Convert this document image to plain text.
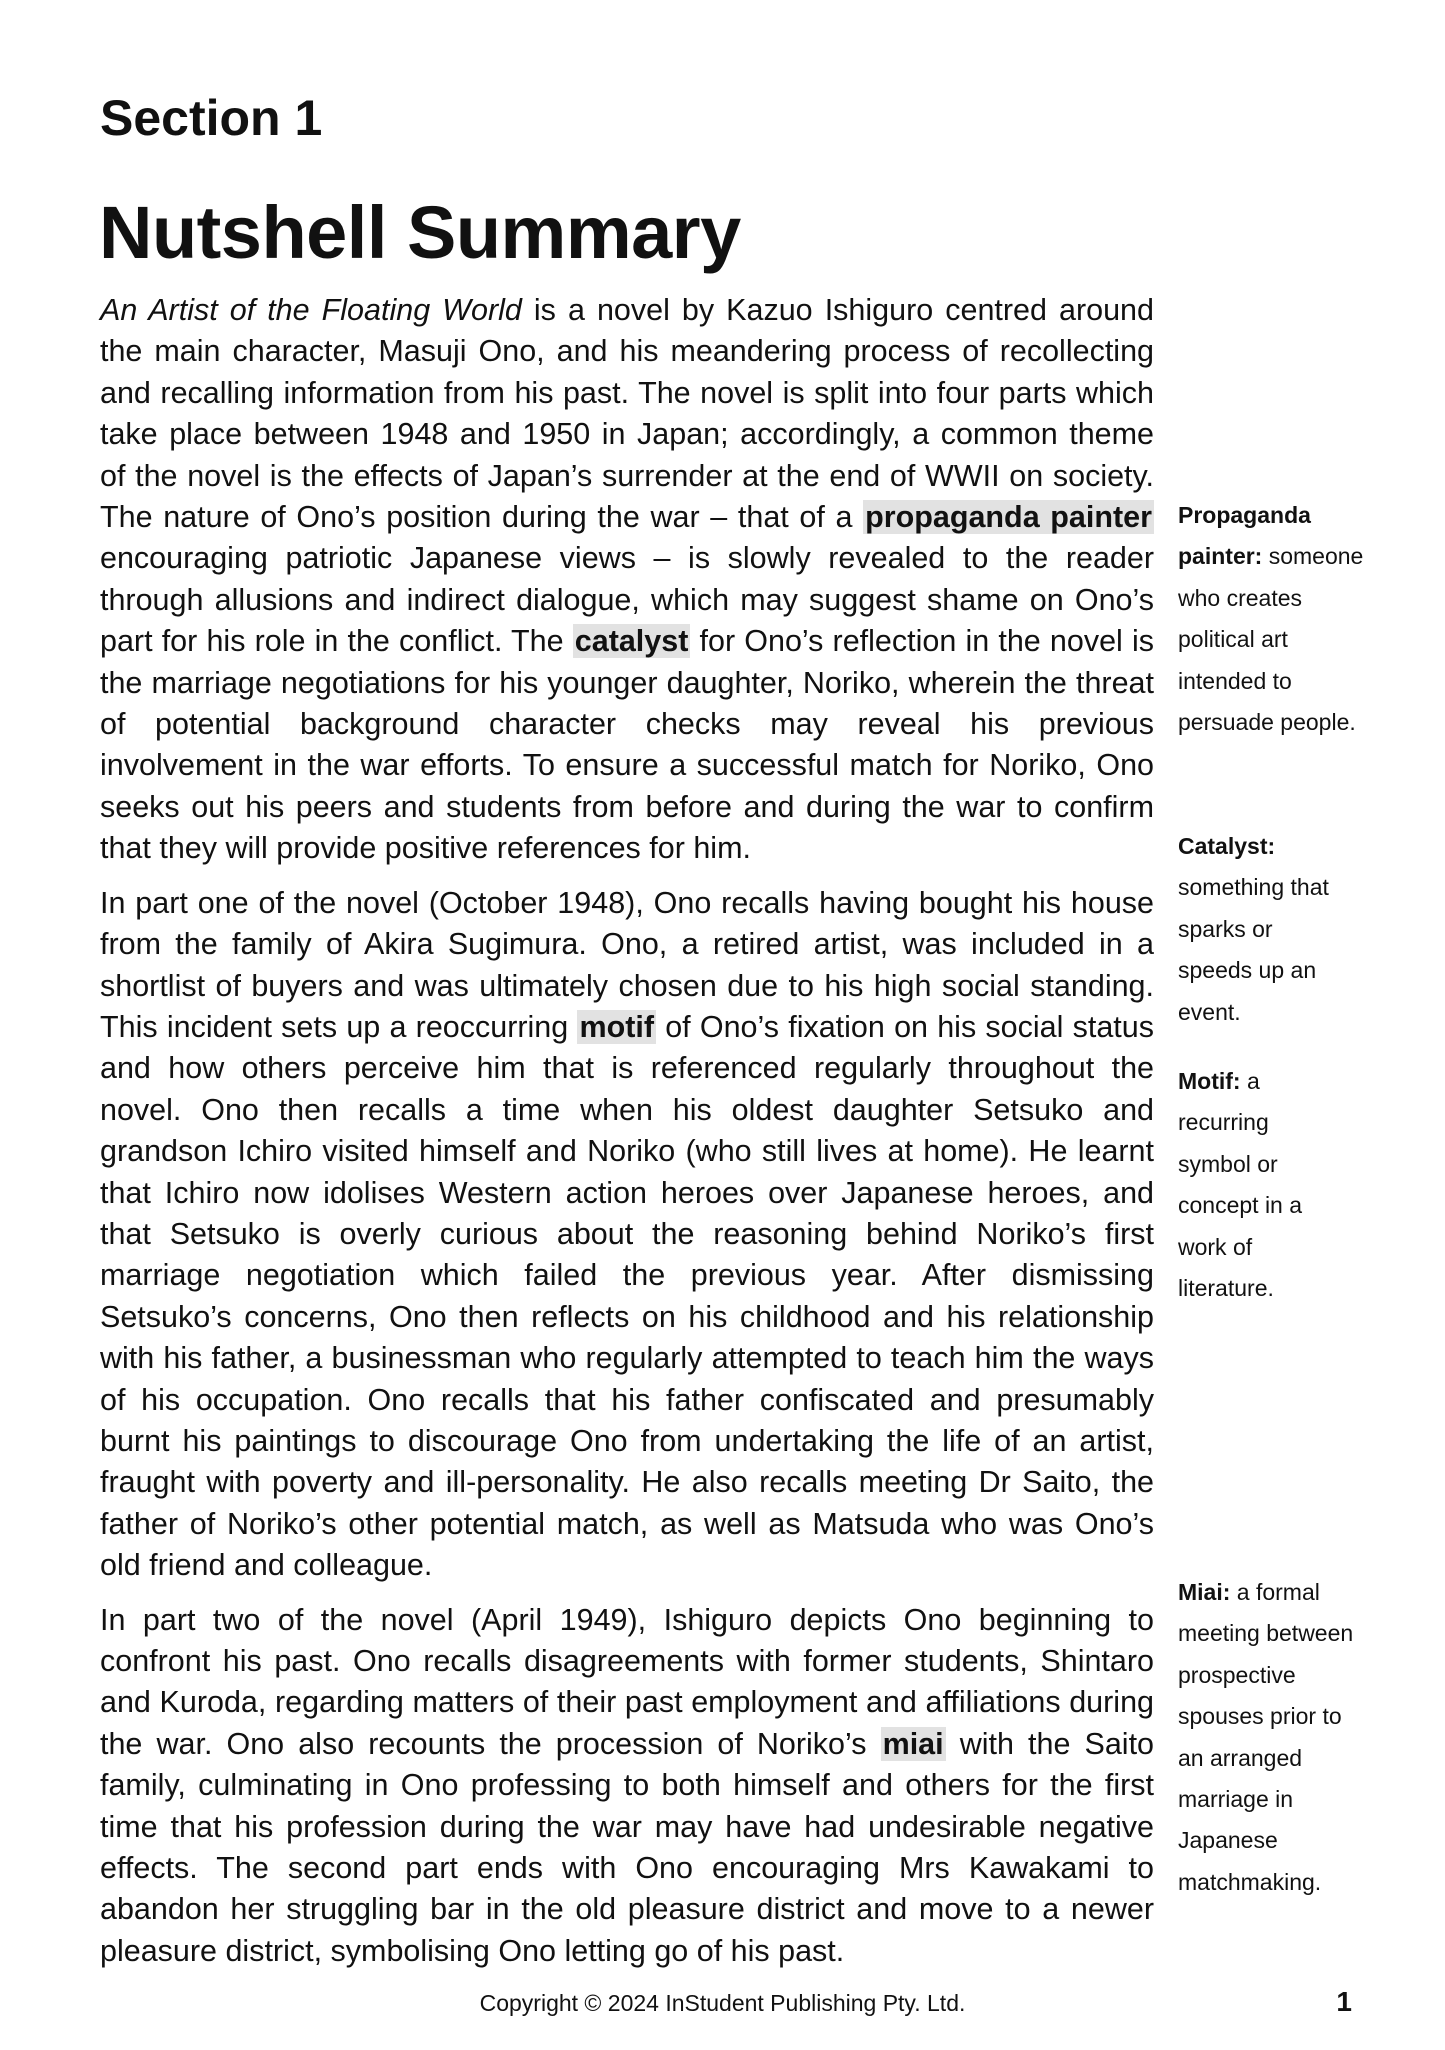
Section 1
Nutshell Summary

An Artist of the Floating World is a novel by Kazuo Ishiguro centred around the main character, Masuji Ono, and his meandering process of recollecting and recalling information from his past. The novel is split into four parts which take place between 1948 and 1950 in Japan; accordingly, a common theme of the novel is the effects of Japan’s surrender at the end of WWII on society. The nature of Ono’s position during the war – that of a propaganda painter encouraging patriotic Japanese views – is slowly revealed to the reader through allusions and indirect dialogue, which may suggest shame on Ono’s part for his role in the conflict. The catalyst for Ono’s reflection in the novel is the marriage negotiations for his younger daughter, Noriko, wherein the threat of potential background character checks may reveal his previous involvement in the war efforts. To ensure a successful match for Noriko, Ono seeks out his peers and students from before and during the war to confirm that they will provide positive references for him.

In part one of the novel (October 1948), Ono recalls having bought his house from the family of Akira Sugimura. Ono, a retired artist, was included in a shortlist of buyers and was ultimately chosen due to his high social standing. This incident sets up a reoccurring motif of Ono’s fixation on his social status and how others perceive him that is referenced regularly throughout the novel. Ono then recalls a time when his oldest daughter Setsuko and grandson Ichiro visited himself and Noriko (who still lives at home). He learnt that Ichiro now idolises Western action heroes over Japanese heroes, and that Setsuko is overly curious about the reasoning behind Noriko’s first marriage negotiation which failed the previous year. After dismissing Setsuko’s concerns, Ono then reflects on his childhood and his relationship with his father, a businessman who regularly attempted to teach him the ways of his occupation. Ono recalls that his father confiscated and presumably burnt his paintings to discourage Ono from undertaking the life of an artist, fraught with poverty and ill-personality. He also recalls meeting Dr Saito, the father of Noriko’s other potential match, as well as Matsuda who was Ono’s old friend and colleague.

In part two of the novel (April 1949), Ishiguro depicts Ono beginning to confront his past. Ono recalls disagreements with former students, Shintaro and Kuroda, regarding matters of their past employment and affiliations during the war. Ono also recounts the procession of Noriko’s miai with the Saito family, culminating in Ono professing to both himself and others for the first time that his profession during the war may have had undesirable negative effects. The second part ends with Ono encouraging Mrs Kawakami to abandon her struggling bar in the old pleasure district and move to a newer pleasure district, symbolising Ono letting go of his past.

Propaganda painter: someone who creates political art intended to persuade people.
Catalyst: something that sparks or speeds up an event.
Motif: a recurring symbol or concept in a work of literature.
Miai: a formal meeting between prospective spouses prior to an arranged marriage in Japanese matchmaking.
Copyright © 2024 InStudent Publishing Pty. Ltd.	1
